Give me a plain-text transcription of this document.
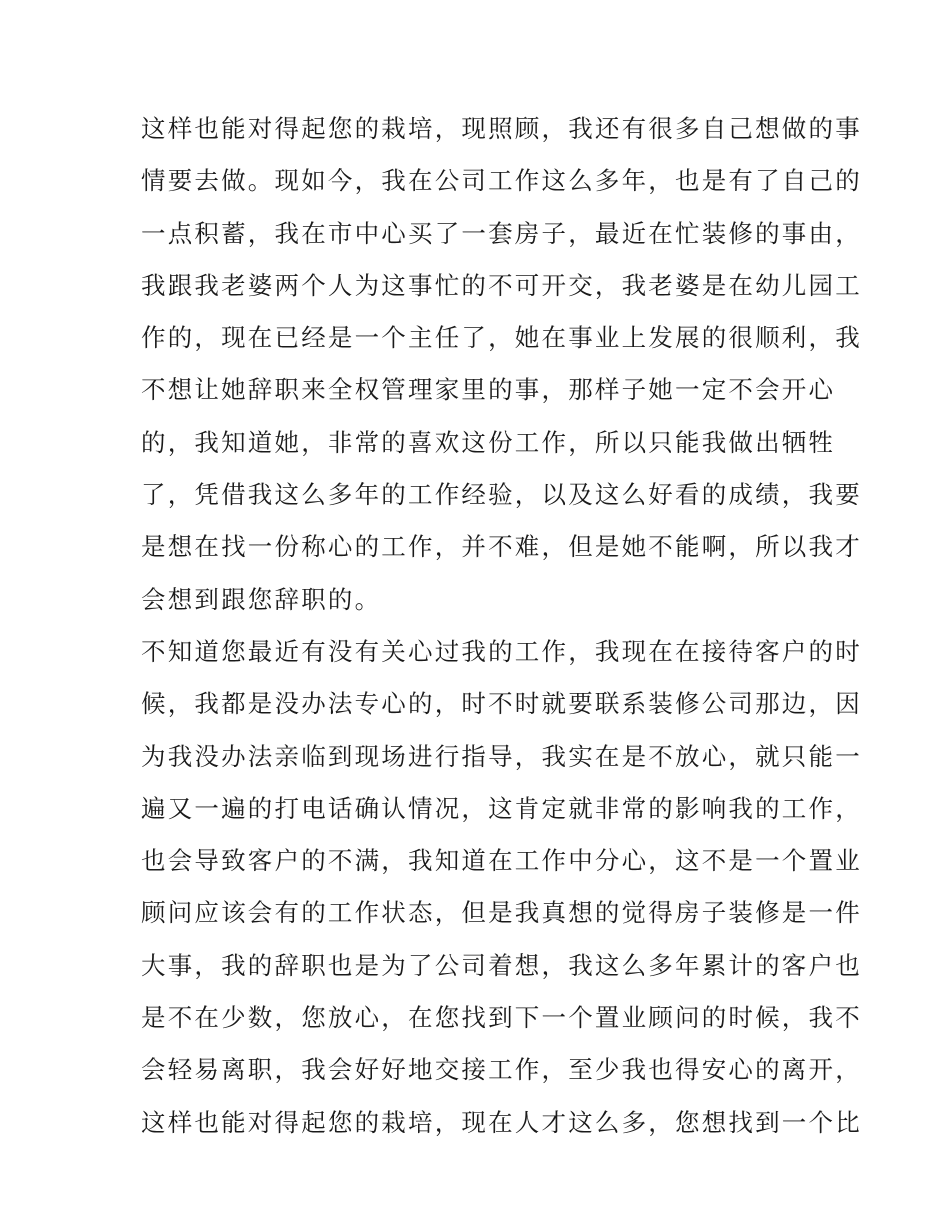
这样也能对得起您的栽培，现照顾，我还有很多自己想做的事
情要去做。现如今，我在公司工作这么多年，也是有了自己的
一点积蓄，我在市中心买了一套房子，最近在忙装修的事由，
我跟我老婆两个人为这事忙的不可开交，我老婆是在幼儿园工
作的，现在已经是一个主任了，她在事业上发展的很顺利，我
不想让她辞职来全权管理家里的事，那样子她一定不会开心
的，我知道她，非常的喜欢这份工作，所以只能我做出牺牲
了，凭借我这么多年的工作经验，以及这么好看的成绩，我要
是想在找一份称心的工作，并不难，但是她不能啊，所以我才
会想到跟您辞职的。
不知道您最近有没有关心过我的工作，我现在在接待客户的时
候，我都是没办法专心的，时不时就要联系装修公司那边，因
为我没办法亲临到现场进行指导，我实在是不放心，就只能一
遍又一遍的打电话确认情况，这肯定就非常的影响我的工作，
也会导致客户的不满，我知道在工作中分心，这不是一个置业
顾问应该会有的工作状态，但是我真想的觉得房子装修是一件
大事，我的辞职也是为了公司着想，我这么多年累计的客户也
是不在少数，您放心，在您找到下一个置业顾问的时候，我不
会轻易离职，我会好好地交接工作，至少我也得安心的离开，
这样也能对得起您的栽培，现在人才这么多，您想找到一个比
